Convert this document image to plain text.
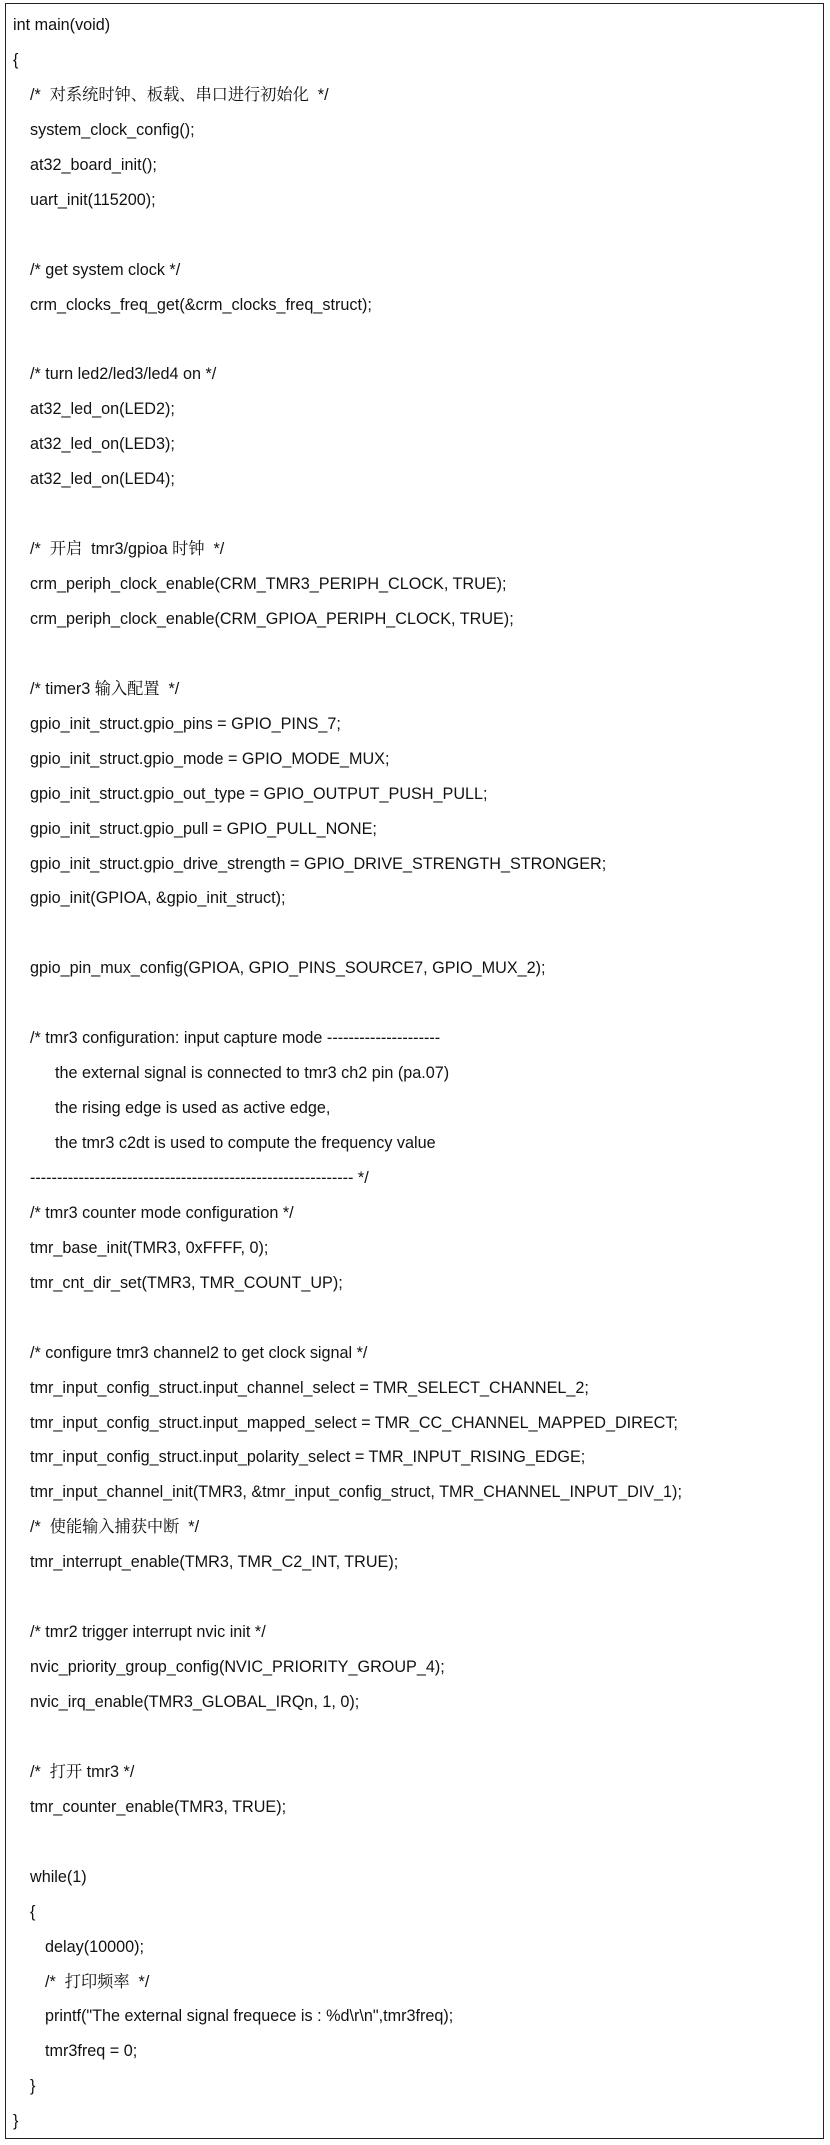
int main(void)
{
/*  对系统时钟、板载、串口进行初始化  */
system_clock_config();
at32_board_init();
uart_init(115200);
/* get system clock */
crm_clocks_freq_get(&crm_clocks_freq_struct);
/* turn led2/led3/led4 on */
at32_led_on(LED2);
at32_led_on(LED3);
at32_led_on(LED4);
/*  开启  tmr3/gpioa 时钟  */
crm_periph_clock_enable(CRM_TMR3_PERIPH_CLOCK, TRUE);
crm_periph_clock_enable(CRM_GPIOA_PERIPH_CLOCK, TRUE);
/* timer3 输入配置  */
gpio_init_struct.gpio_pins = GPIO_PINS_7;
gpio_init_struct.gpio_mode = GPIO_MODE_MUX;
gpio_init_struct.gpio_out_type = GPIO_OUTPUT_PUSH_PULL;
gpio_init_struct.gpio_pull = GPIO_PULL_NONE;
gpio_init_struct.gpio_drive_strength = GPIO_DRIVE_STRENGTH_STRONGER;
gpio_init(GPIOA, &gpio_init_struct);
gpio_pin_mux_config(GPIOA, GPIO_PINS_SOURCE7, GPIO_MUX_2);
/* tmr3 configuration: input capture mode ---------------------
the external signal is connected to tmr3 ch2 pin (pa.07)
the rising edge is used as active edge,
the tmr3 c2dt is used to compute the frequency value
------------------------------------------------------------ */
/* tmr3 counter mode configuration */
tmr_base_init(TMR3, 0xFFFF, 0);
tmr_cnt_dir_set(TMR3, TMR_COUNT_UP);
/* configure tmr3 channel2 to get clock signal */
tmr_input_config_struct.input_channel_select = TMR_SELECT_CHANNEL_2;
tmr_input_config_struct.input_mapped_select = TMR_CC_CHANNEL_MAPPED_DIRECT;
tmr_input_config_struct.input_polarity_select = TMR_INPUT_RISING_EDGE;
tmr_input_channel_init(TMR3, &tmr_input_config_struct, TMR_CHANNEL_INPUT_DIV_1);
/*  使能输入捕获中断  */
tmr_interrupt_enable(TMR3, TMR_C2_INT, TRUE);
/* tmr2 trigger interrupt nvic init */
nvic_priority_group_config(NVIC_PRIORITY_GROUP_4);
nvic_irq_enable(TMR3_GLOBAL_IRQn, 1, 0);
/*  打开 tmr3 */
tmr_counter_enable(TMR3, TRUE);
while(1)
{
delay(10000);
/*  打印频率  */
printf("The external signal frequece is : %d\r\n",tmr3freq);
tmr3freq = 0;
}
}
